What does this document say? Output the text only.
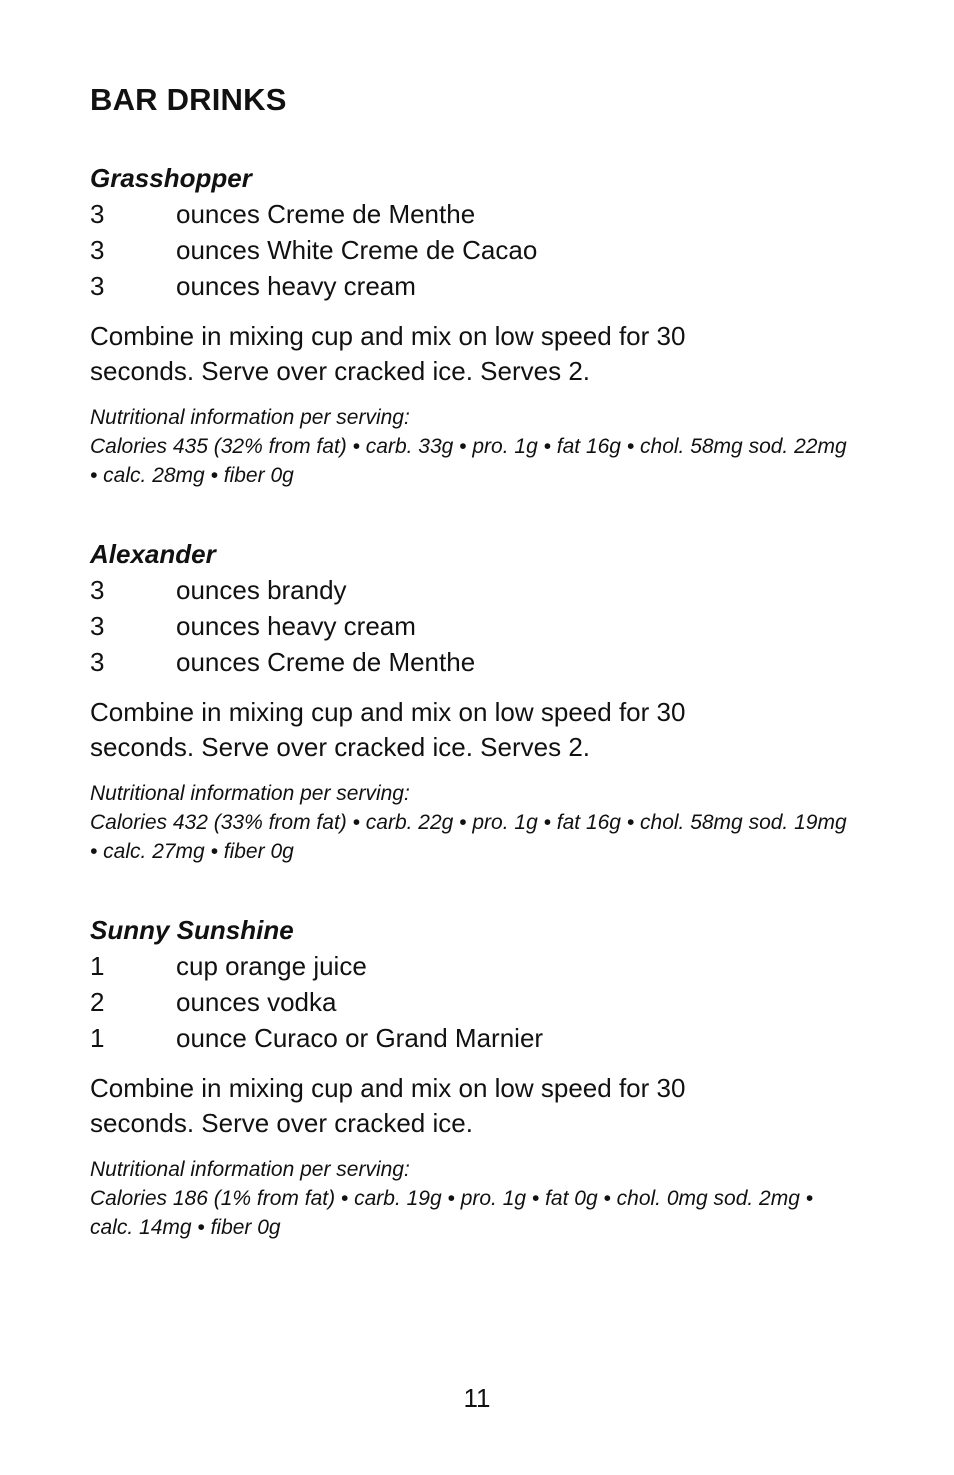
BAR DRINKS
Grasshopper
3	ounces Creme de Menthe
3	ounces White Creme de Cacao
3	ounces heavy cream

Combine in mixing cup and mix on low speed for 30 seconds. Serve over cracked ice. Serves 2.

Nutritional information per serving:
Calories 435 (32% from fat) • carb. 33g • pro. 1g • fat 16g • chol. 58mg sod. 22mg • calc. 28mg • fiber 0g

Alexander
3	ounces brandy
3	ounces heavy cream
3	ounces Creme de Menthe

Combine in mixing cup and mix on low speed for 30 seconds. Serve over cracked ice. Serves 2.

Nutritional information per serving:
Calories 432 (33% from fat) • carb. 22g • pro. 1g • fat 16g • chol. 58mg sod. 19mg • calc. 27mg • fiber 0g

Sunny Sunshine
1	cup orange juice
2	ounces vodka
1	ounce Curaco or Grand Marnier

Combine in mixing cup and mix on low speed for 30 seconds. Serve over cracked ice.

Nutritional information per serving:
Calories 186 (1% from fat) • carb. 19g • pro. 1g • fat 0g • chol. 0mg sod. 2mg • calc. 14mg • fiber 0g

11
